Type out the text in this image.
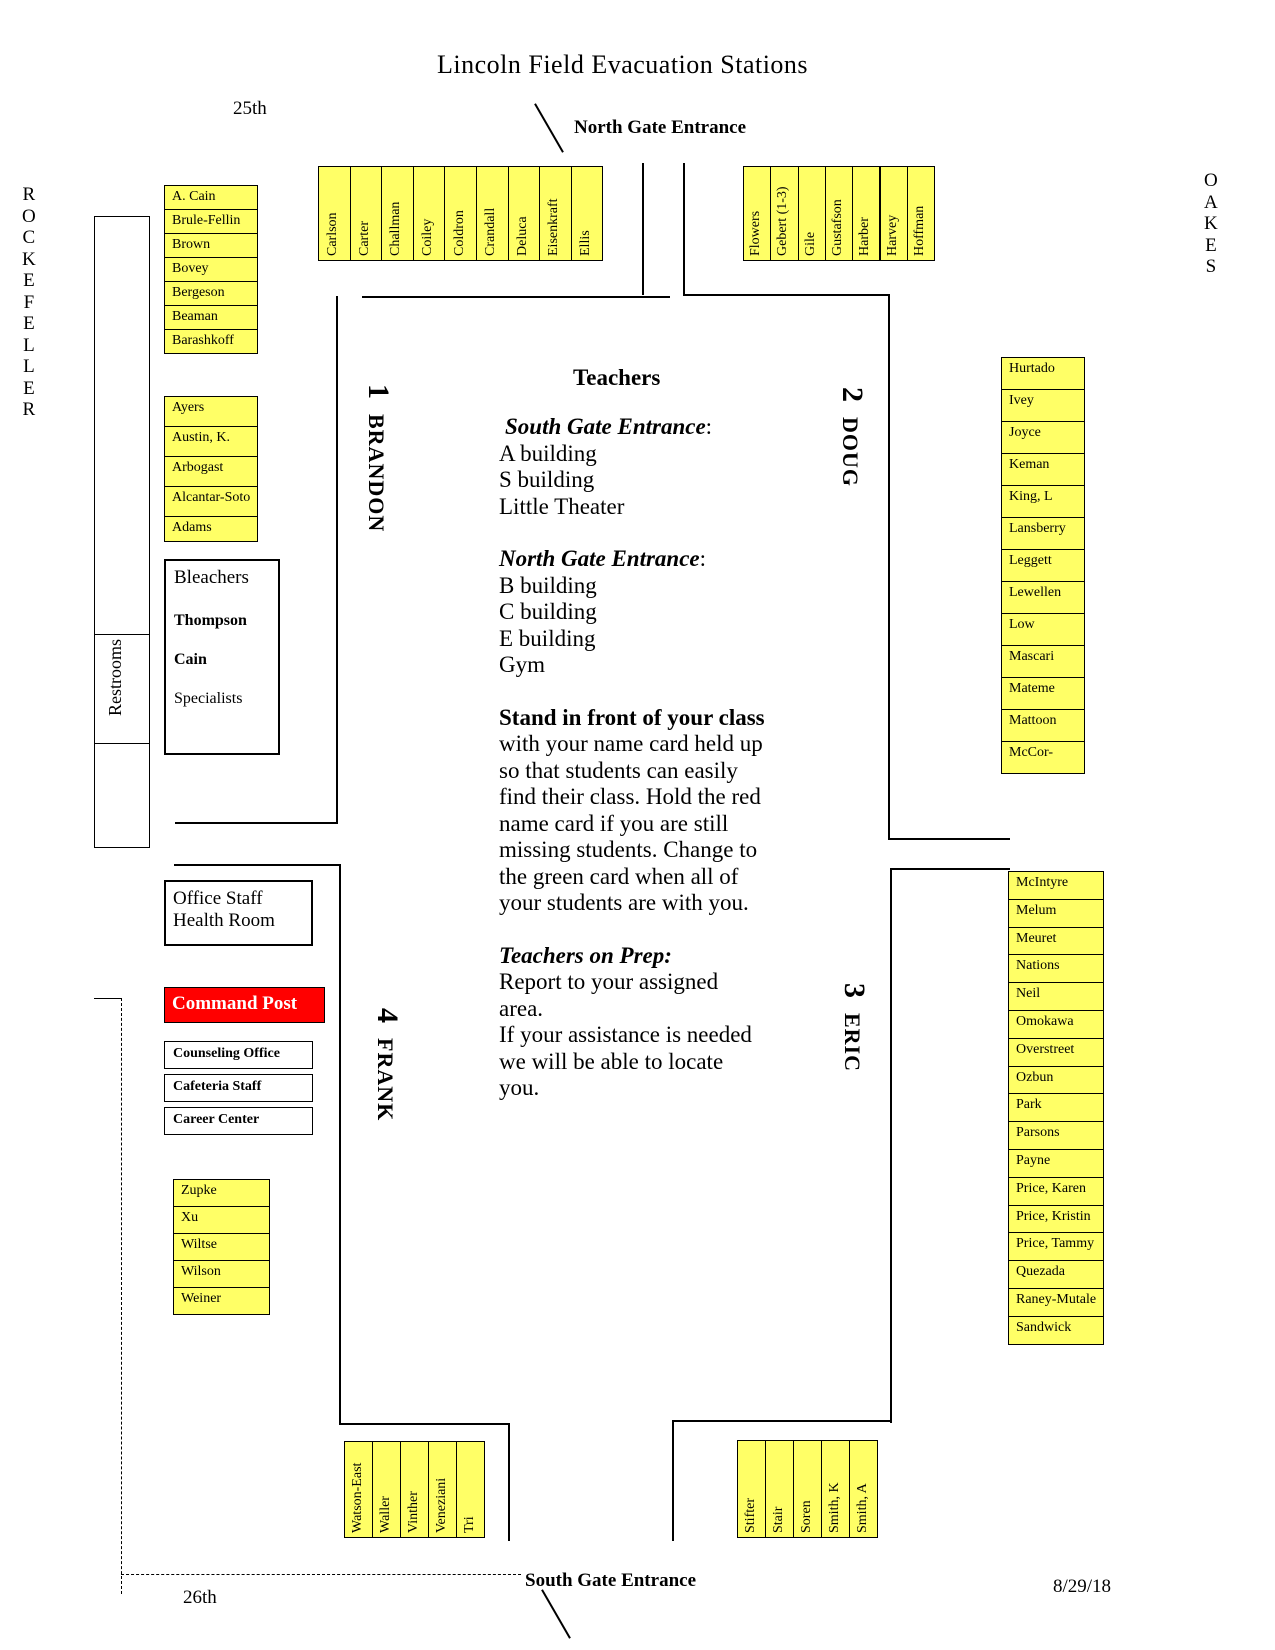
Lincoln Field Evacuation Stations
25th
26th
8/29/18
R
O
C
K
E
F
E
L
L
E
R
O
A
K
E
S
North Gate Entrance
South Gate Entrance
Restrooms
A. Cain
Brule-Fellin
Brown
Bovey
Bergeson
Beaman
Barashkoff
Ayers
Austin, K.
Arbogast
Alcantar-Soto
Adams
Zupke
Xu
Wiltse
Wilson
Weiner
Carlson Carter Challman Coiley Coldron Crandall Deluca Eisenkraft Ellis	Flowers Gebert (1-3) Gile Gustafson Harber Harvey Hoffman
Hurtado
Ivey
Joyce
Keman
King, L
Lansberry
Leggett
Lewellen
Low
Mascari
Mateme
Mattoon
McCor-
McIntyre
Melum
Meuret
Nations
Neil
Omokawa
Overstreet
Ozbun
Park
Parsons
Payne
Price, Karen
Price, Kristin
Price, Tammy
Quezada
Raney-Mutale
Sandwick
Watson-East Waller Vinther Veneziani Tri	Stifter Stair Soren Smith, K Smith, A
Bleachers
Thompson
Cain
Specialists
Office Staff
Health Room
Command Post
Counseling Office
Cafeteria Staff
Career Center
1BRANDON
2DOUG
3ERIC
4FRANK
Teachers

South Gate Entrance:

A building

S building

Little Theater

North Gate Entrance:

B building

C building

E building

Gym

Stand in front of your class with your name card held up so that students can easily find their class. Hold the red name card if you are still missing students. Change to the green card when all of your students are with you.

Teachers on Prep:

Report to your assigned area.

If your assistance is needed we will be able to locate you.
